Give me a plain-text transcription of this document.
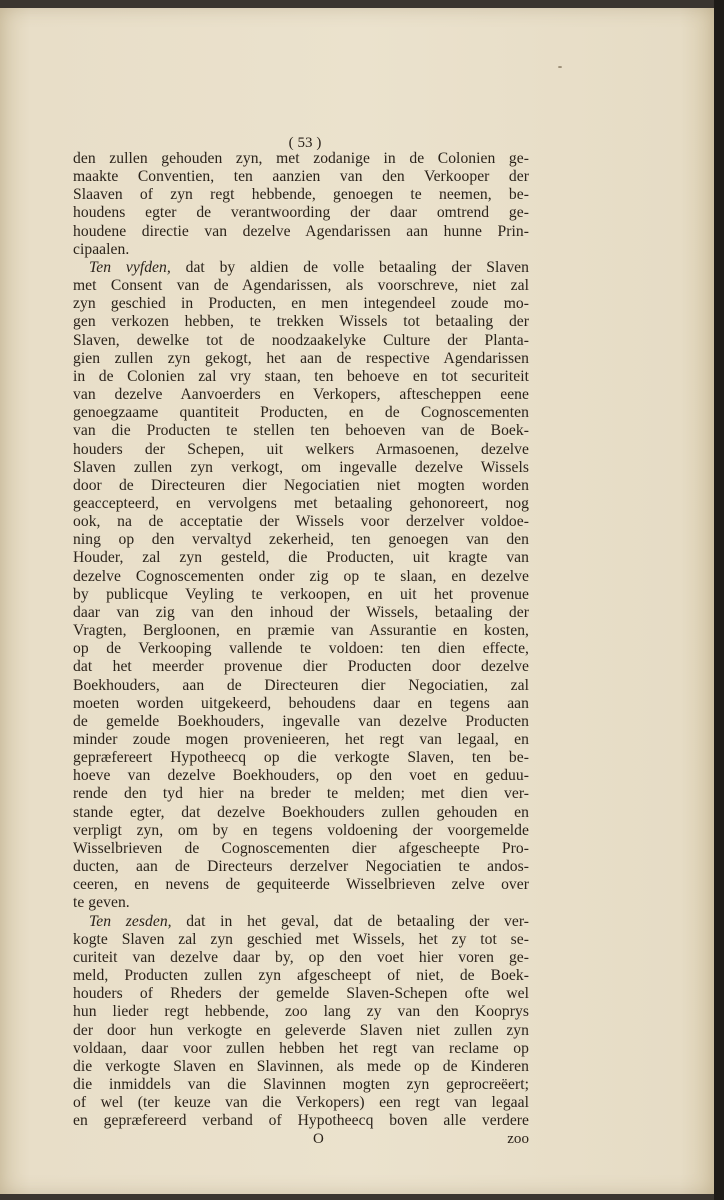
( 53 )
den zullen gehouden zyn, met zodanige in de Colonien ge-
maakte Conventien, ten aanzien van den Verkooper der
Slaaven of zyn regt hebbende, genoegen te neemen, be-
houdens egter de verantwoording der daar omtrend ge-
houdene directie van dezelve Agendarissen aan hunne Prin-
cipaalen.
Ten vyfden, dat by aldien de volle betaaling der Slaven
met Consent van de Agendarissen, als voorschreve, niet zal
zyn geschied in Producten, en men integendeel zoude mo-
gen verkozen hebben, te trekken Wissels tot betaaling der
Slaven, dewelke tot de noodzaakelyke Culture der Planta-
gien zullen zyn gekogt, het aan de respective Agendarissen
in de Colonien zal vry staan, ten behoeve en tot securiteit
van dezelve Aanvoerders en Verkopers, aftescheppen eene
genoegzaame quantiteit Producten, en de Cognoscementen
van die Producten te stellen ten behoeven van de Boek-
houders der Schepen, uit welkers Armasoenen, dezelve
Slaven zullen zyn verkogt, om ingevalle dezelve Wissels
door de Directeuren dier Negociatien niet mogten worden
geaccepteerd, en vervolgens met betaaling gehonoreert, nog
ook, na de acceptatie der Wissels voor derzelver voldoe-
ning op den vervaltyd zekerheid, ten genoegen van den
Houder, zal zyn gesteld, die Producten, uit kragte van
dezelve Cognoscementen onder zig op te slaan, en dezelve
by publicque Veyling te verkoopen, en uit het provenue
daar van zig van den inhoud der Wissels, betaaling der
Vragten, Bergloonen, en præmie van Assurantie en kosten,
op de Verkooping vallende te voldoen: ten dien effecte,
dat het meerder provenue dier Producten door dezelve
Boekhouders, aan de Directeuren dier Negociatien, zal
moeten worden uitgekeerd, behoudens daar en tegens aan
de gemelde Boekhouders, ingevalle van dezelve Producten
minder zoude mogen provenieeren, het regt van legaal, en
gepræfereert Hypotheecq op die verkogte Slaven, ten be-
hoeve van dezelve Boekhouders, op den voet en geduu-
rende den tyd hier na breder te melden; met dien ver-
stande egter, dat dezelve Boekhouders zullen gehouden en
verpligt zyn, om by en tegens voldoening der voorgemelde
Wisselbrieven de Cognoscementen dier afgescheepte Pro-
ducten, aan de Directeurs derzelver Negociatien te andos-
ceeren, en nevens de gequiteerde Wisselbrieven zelve over
te geven.
Ten zesden, dat in het geval, dat de betaaling der ver-
kogte Slaven zal zyn geschied met Wissels, het zy tot se-
curiteit van dezelve daar by, op den voet hier voren ge-
meld, Producten zullen zyn afgescheept of niet, de Boek-
houders of Rheders der gemelde Slaven-Schepen ofte wel
hun lieder regt hebbende, zoo lang zy van den Kooprys
der door hun verkogte en geleverde Slaven niet zullen zyn
voldaan, daar voor zullen hebben het regt van reclame op
die verkogte Slaven en Slavinnen, als mede op de Kinderen
die inmiddels van die Slavinnen mogten zyn geprocreëert;
of wel (ter keuze van die Verkopers) een regt van legaal
en gepræfereerd verband of Hypotheecq boven alle verdere
O	zoo
